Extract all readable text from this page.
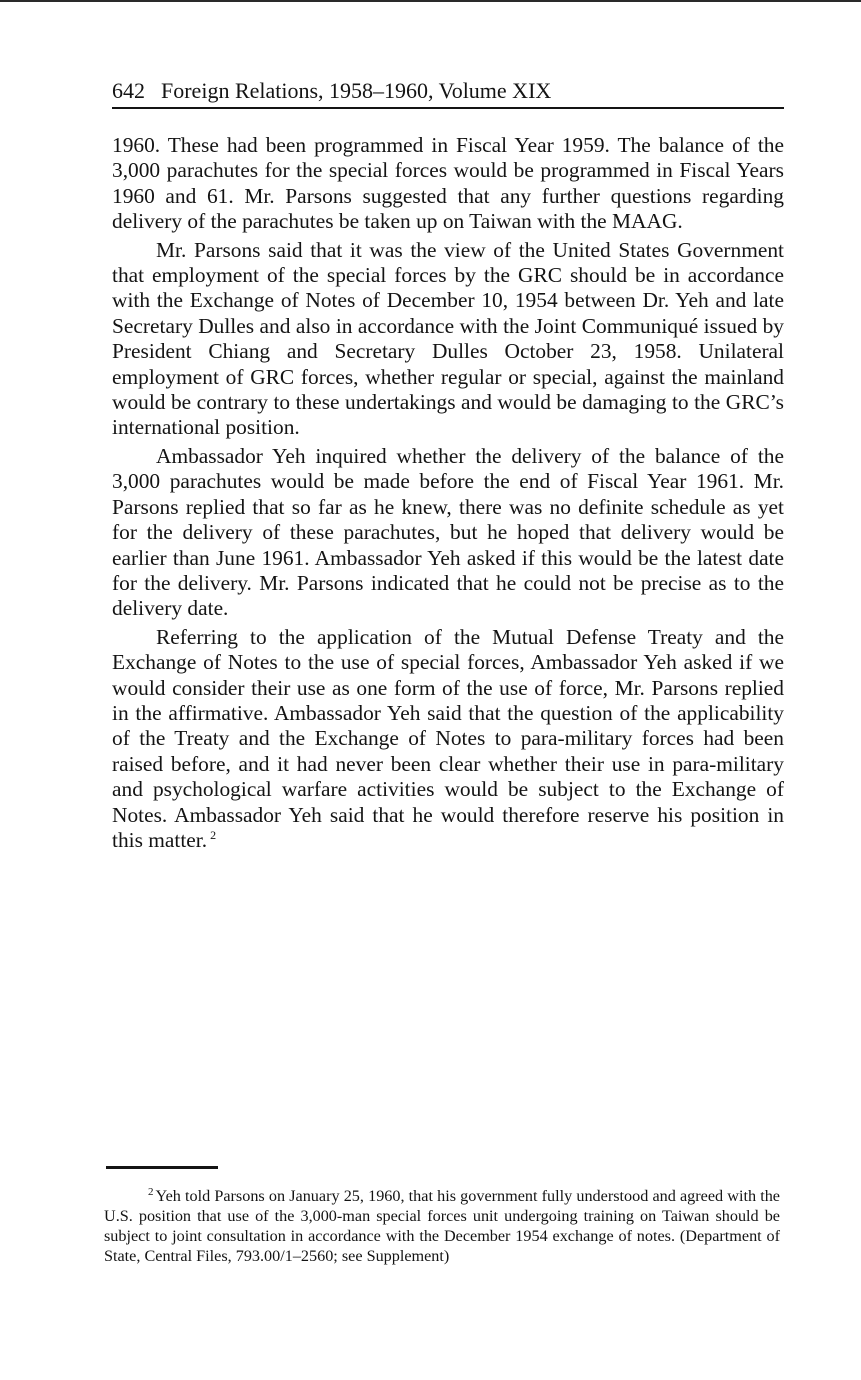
642 Foreign Relations, 1958–1960, Volume XIX

1960. These had been programmed in Fiscal Year 1959. The balance of the 3,000 parachutes for the special forces would be programmed in Fiscal Years 1960 and 61. Mr. Parsons suggested that any further questions regarding delivery of the parachutes be taken up on Taiwan with the MAAG.

Mr. Parsons said that it was the view of the United States Government that employment of the special forces by the GRC should be in accordance with the Exchange of Notes of December 10, 1954 between Dr. Yeh and late Secretary Dulles and also in accordance with the Joint Communiqué issued by President Chiang and Secretary Dulles October 23, 1958. Unilateral employment of GRC forces, whether regular or special, against the mainland would be contrary to these undertakings and would be damaging to the GRC’s international position.

Ambassador Yeh inquired whether the delivery of the balance of the 3,000 parachutes would be made before the end of Fiscal Year 1961. Mr. Parsons replied that so far as he knew, there was no definite schedule as yet for the delivery of these parachutes, but he hoped that delivery would be earlier than June 1961. Ambassador Yeh asked if this would be the latest date for the delivery. Mr. Parsons indicated that he could not be precise as to the delivery date.

Referring to the application of the Mutual Defense Treaty and the Exchange of Notes to the use of special forces, Ambassador Yeh asked if we would consider their use as one form of the use of force, Mr. Parsons replied in the affirmative. Ambassador Yeh said that the question of the applicability of the Treaty and the Exchange of Notes to para-military forces had been raised before, and it had never been clear whether their use in para-military and psychological warfare activities would be subject to the Exchange of Notes. Ambassador Yeh said that he would therefore reserve his position in this matter. $^2$

$^2$ Yeh told Parsons on January 25, 1960, that his government fully understood and agreed with the U.S. position that use of the 3,000-man special forces unit undergoing training on Taiwan should be subject to joint consultation in accordance with the December 1954 exchange of notes. (Department of State, Central Files, 793.00/1–2560; see Supplement)
